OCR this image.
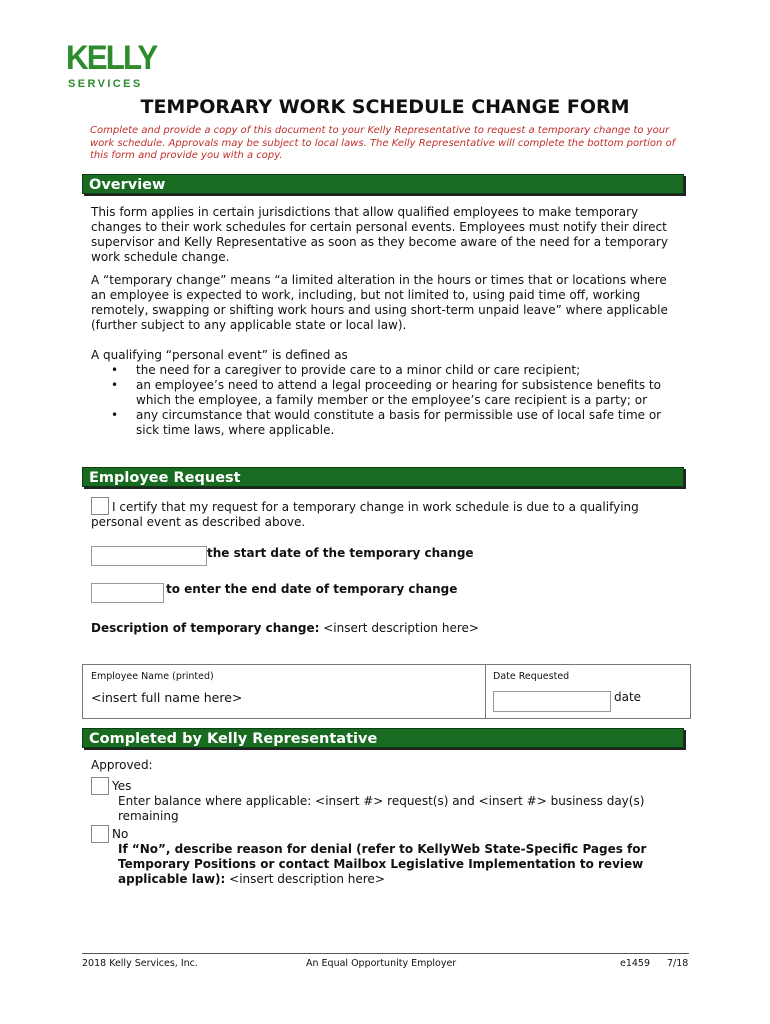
KELLY
SERVICES
TEMPORARY WORK SCHEDULE CHANGE FORM
Complete and provide a copy of this document to your Kelly Representative to request a temporary change to your work schedule. Approvals may be subject to local laws. The Kelly Representative will complete the bottom portion of this form and provide you with a copy.
Overview
This form applies in certain jurisdictions that allow qualified employees to make temporary changes to their work schedules for certain personal events. Employees must notify their direct supervisor and Kelly Representative as soon as they become aware of the need for a temporary work schedule change.
A “temporary change” means “a limited alteration in the hours or times that or locations where an employee is expected to work, including, but not limited to, using paid time off, working remotely, swapping or shifting work hours and using short-term unpaid leave” where applicable (further subject to any applicable state or local law).
A qualifying “personal event” is defined as
• the need for a caregiver to provide care to a minor child or care recipient;
• an employee’s need to attend a legal proceeding or hearing for subsistence benefits to which the employee, a family member or the employee’s care recipient is a party; or
• any circumstance that would constitute a basis for permissible use of local safe time or sick time laws, where applicable.
Employee Request
I certify that my request for a temporary change in work schedule is due to a qualifying personal event as described above.
the start date of the temporary change
to enter the end date of temporary change
Description of temporary change: <insert description here>
Employee Name (printed)
<insert full name here>
Date Requested
date
Completed by Kelly Representative
Approved:
Yes
Enter balance where applicable: <insert #> request(s) and <insert #> business day(s) remaining
No
If “No”, describe reason for denial (refer to KellyWeb State-Specific Pages for Temporary Positions or contact Mailbox Legislative Implementation to review applicable law): <insert description here>
2018 Kelly Services, Inc.	An Equal Opportunity Employer	e1459 7/18
